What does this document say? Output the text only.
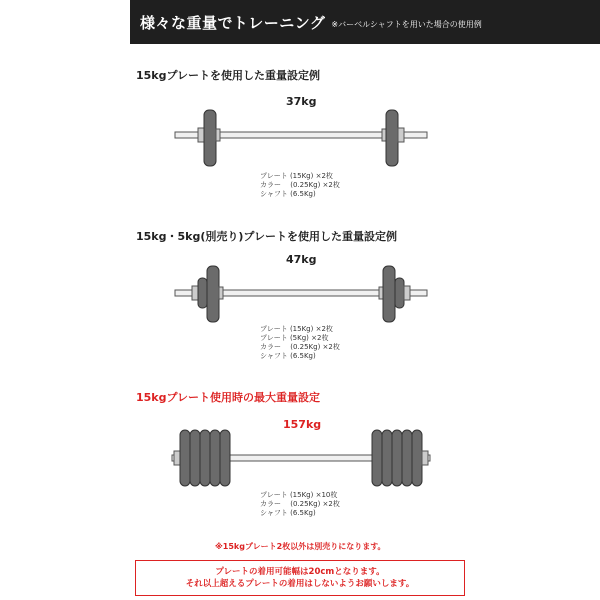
様々な重量でトレーニング ※バーベルシャフトを用いた場合の使用例
15kgプレートを使用した重量設定例
37kg
プレート (15Kg) ×2枚
カラー　 (0.25Kg) ×2枚
シャフト (6.5Kg)
15kg・5kg(別売り)プレートを使用した重量設定例
47kg
プレート (15Kg) ×2枚
プレート (5Kg) ×2枚
カラー　 (0.25Kg) ×2枚
シャフト (6.5Kg)
15kgプレート使用時の最大重量設定
157kg
プレート (15Kg) ×10枚
カラー　 (0.25Kg) ×2枚
シャフト (6.5Kg)
※15kgプレート2枚以外は別売りになります。
プレートの着用可能幅は20cmとなります。
それ以上超えるプレートの着用はしないようお願いします。
